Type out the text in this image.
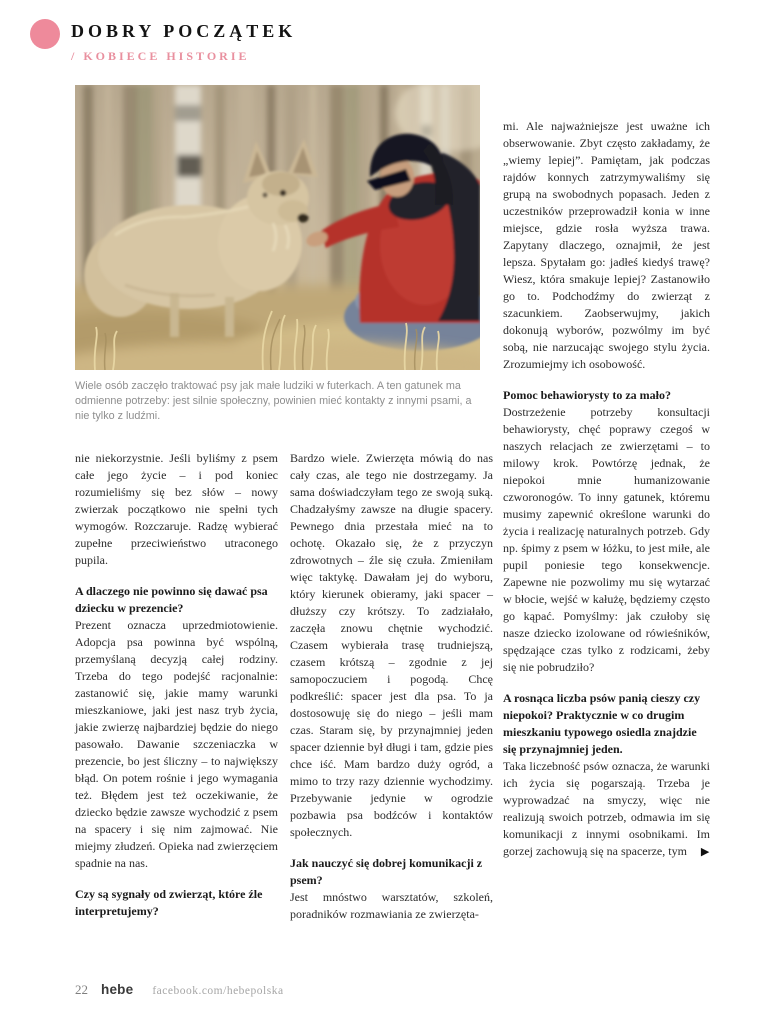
DOBRY POCZĄTEK
/ KOBIECE HISTORIE

Wiele osób zaczęło traktować psy jak małe ludziki w futerkach. A ten gatunek ma odmienne potrzeby: jest silnie społeczny, powinien mieć kontakty z innymi psami, a nie tylko z ludźmi.

nie niekorzystnie. Jeśli byliśmy z psem całe jego życie – i pod koniec rozumieliśmy się bez słów – nowy zwierzak początkowo nie spełni tych wymogów. Rozczaruje. Radzę wybierać zupełne przeciwieństwo utraconego pupila.

A dlaczego nie powinno się dawać psa dziecku w prezencie?

Prezent oznacza uprzedmiotowienie. Adopcja psa powinna być wspólną, przemyślaną decyzją całej rodziny. Trzeba do tego podejść racjonalnie: zastanowić się, jakie mamy warunki mieszkaniowe, jaki jest nasz tryb życia, jakie zwierzę najbardziej będzie do niego pasowało. Dawanie szczeniaczka w prezencie, bo jest śliczny – to największy błąd. On potem rośnie i jego wymagania też. Błędem jest też oczekiwanie, że dziecko będzie zawsze wychodzić z psem na spacery i się nim zajmować. Nie miejmy złudzeń. Opieka nad zwierzęciem spadnie na nas.

Czy są sygnały od zwierząt, które źle interpretujemy?

Bardzo wiele. Zwierzęta mówią do nas cały czas, ale tego nie dostrzegamy. Ja sama doświadczyłam tego ze swoją suką. Chadzałyśmy zawsze na długie spacery. Pewnego dnia przestała mieć na to ochotę. Okazało się, że z przyczyn zdrowotnych – źle się czuła. Zmieniłam więc taktykę. Dawałam jej do wyboru, który kierunek obieramy, jaki spacer – dłuższy czy krótszy. To zadziałało, zaczęła znowu chętnie wychodzić. Czasem wybierała trasę trudniejszą, czasem krótszą – zgodnie z jej samopoczuciem i pogodą. Chcę podkreślić: spacer jest dla psa. To ja dostosowuję się do niego – jeśli mam czas. Staram się, by przynajmniej jeden spacer dziennie był długi i tam, gdzie pies chce iść. Mam bardzo duży ogród, a mimo to trzy razy dziennie wychodzimy. Przebywanie jedynie w ogrodzie pozbawia psa bodźców i kontaktów społecznych.

Jak nauczyć się dobrej komunikacji z psem?

Jest mnóstwo warsztatów, szkoleń, poradników rozmawiania ze zwierzęta-

mi. Ale najważniejsze jest uważne ich obserwowanie. Zbyt często zakładamy, że „wiemy lepiej”. Pamiętam, jak podczas rajdów konnych zatrzymywaliśmy się grupą na swobodnych popasach. Jeden z uczestników przeprowadził konia w inne miejsce, gdzie rosła wyższa trawa. Zapytany dlaczego, oznajmił, że jest lepsza. Spytałam go: jadłeś kiedyś trawę? Wiesz, która smakuje lepiej? Zastanowiło go to. Podchodźmy do zwierząt z szacunkiem. Zaobserwujmy, jakich dokonują wyborów, pozwólmy im być sobą, nie narzucając swojego stylu życia. Zrozumiejmy ich osobowość.

Pomoc behawiorysty to za mało?

Dostrzeżenie potrzeby konsultacji behawiorysty, chęć poprawy czegoś w naszych relacjach ze zwierzętami – to milowy krok. Powtórzę jednak, że niepokoi mnie humanizowanie czworonogów. To inny gatunek, któremu musimy zapewnić określone warunki do życia i realizację naturalnych potrzeb. Gdy np. śpimy z psem w łóżku, to jest miłe, ale pupil poniesie tego konsekwencje. Zapewne nie pozwolimy mu się wytarzać w błocie, wejść w kałużę, będziemy często go kąpać. Pomyślmy: jak czułoby się nasze dziecko izolowane od rówieśników, spędzające czas tylko z rodzicami, żeby się nie pobrudziło?

A rosnąca liczba psów panią cieszy czy niepokoi? Praktycznie w co drugim mieszkaniu typowego osiedla znajdzie się przynajmniej jeden.

Taka liczebność psów oznacza, że warunki ich życia się pogarszają. Trzeba je wyprowadzać na smyczy, więc nie realizują swoich potrzeb, odmawia im się komunikacji z innymi osobnikami. Im gorzej zachowują się na spacerze, tym ▶

22 hebe facebook.com/hebepolska
